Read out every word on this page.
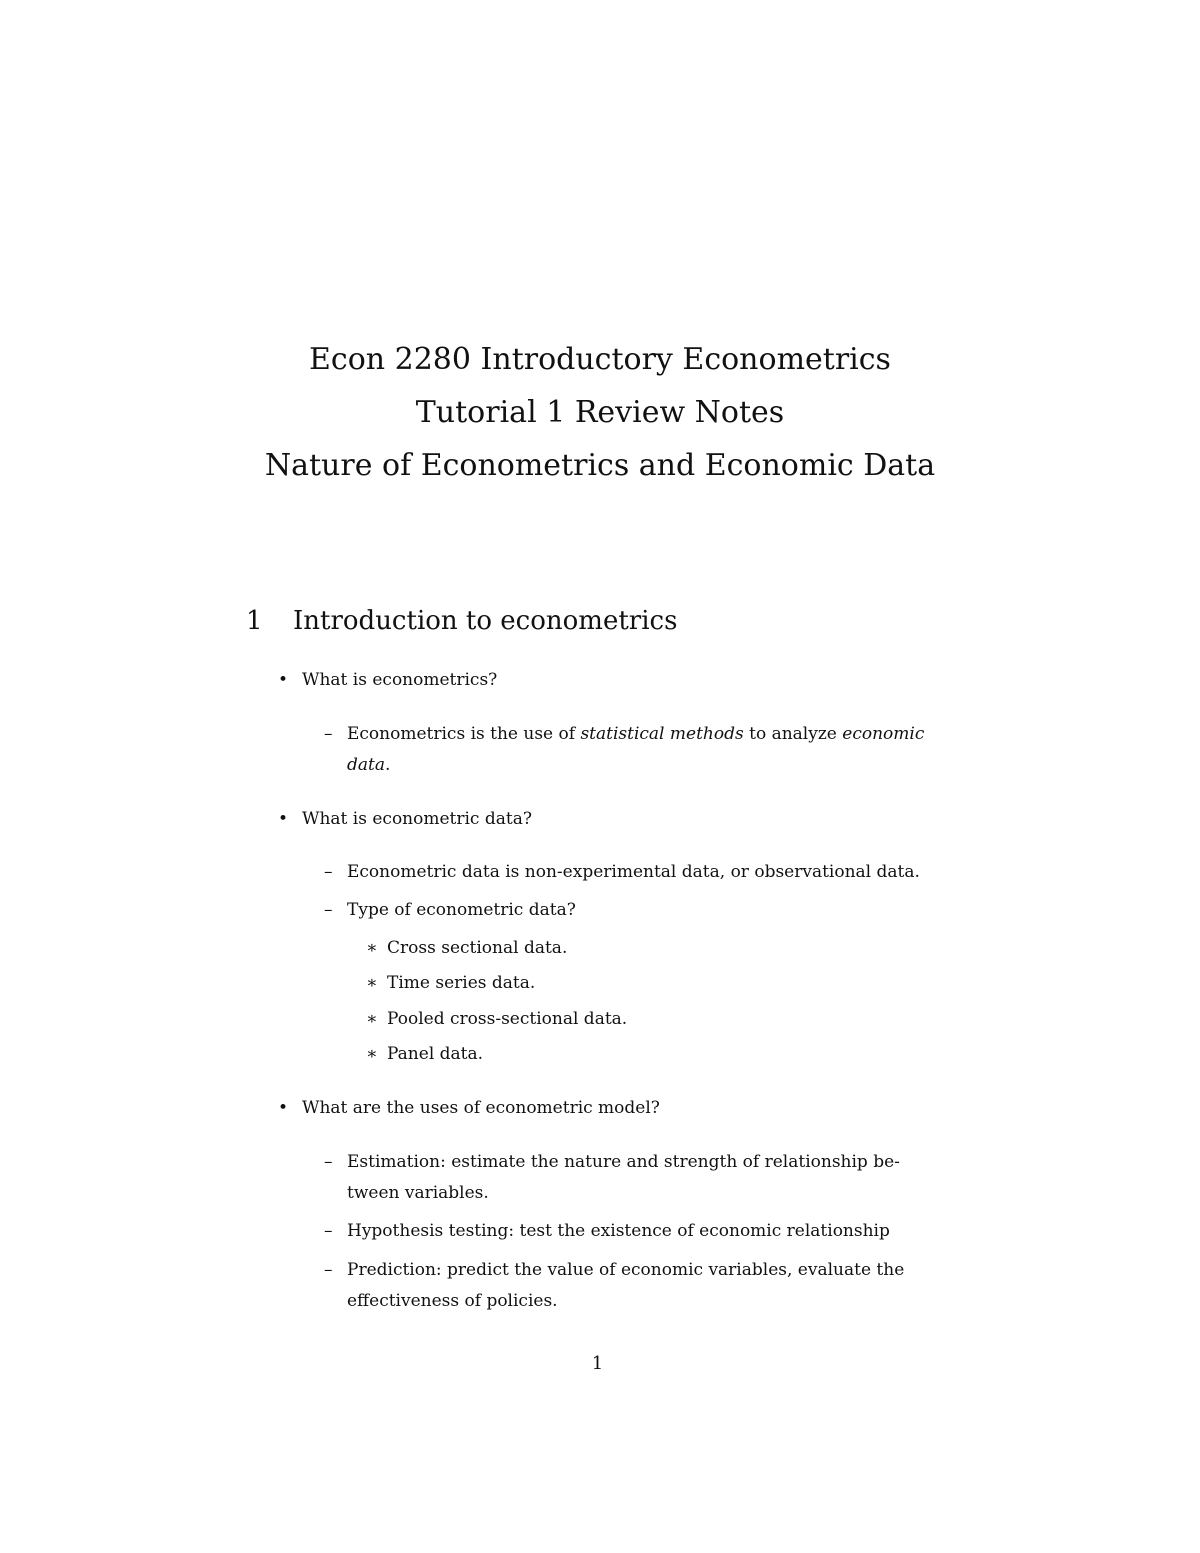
Econ 2280 Introductory Econometrics
Tutorial 1 Review Notes
Nature of Econometrics and Economic Data
1 Introduction to econometrics
• What is econometrics?
– Econometrics is the use of statistical methods to analyze economic
data.
• What is econometric data?
– Econometric data is non-experimental data, or observational data.
– Type of econometric data?
∗ Cross sectional data.
∗ Time series data.
∗ Pooled cross-sectional data.
∗ Panel data.
• What are the uses of econometric model?
– Estimation: estimate the nature and strength of relationship be-
tween variables.
– Hypothesis testing: test the existence of economic relationship
– Prediction: predict the value of economic variables, evaluate the
effectiveness of policies.
1
